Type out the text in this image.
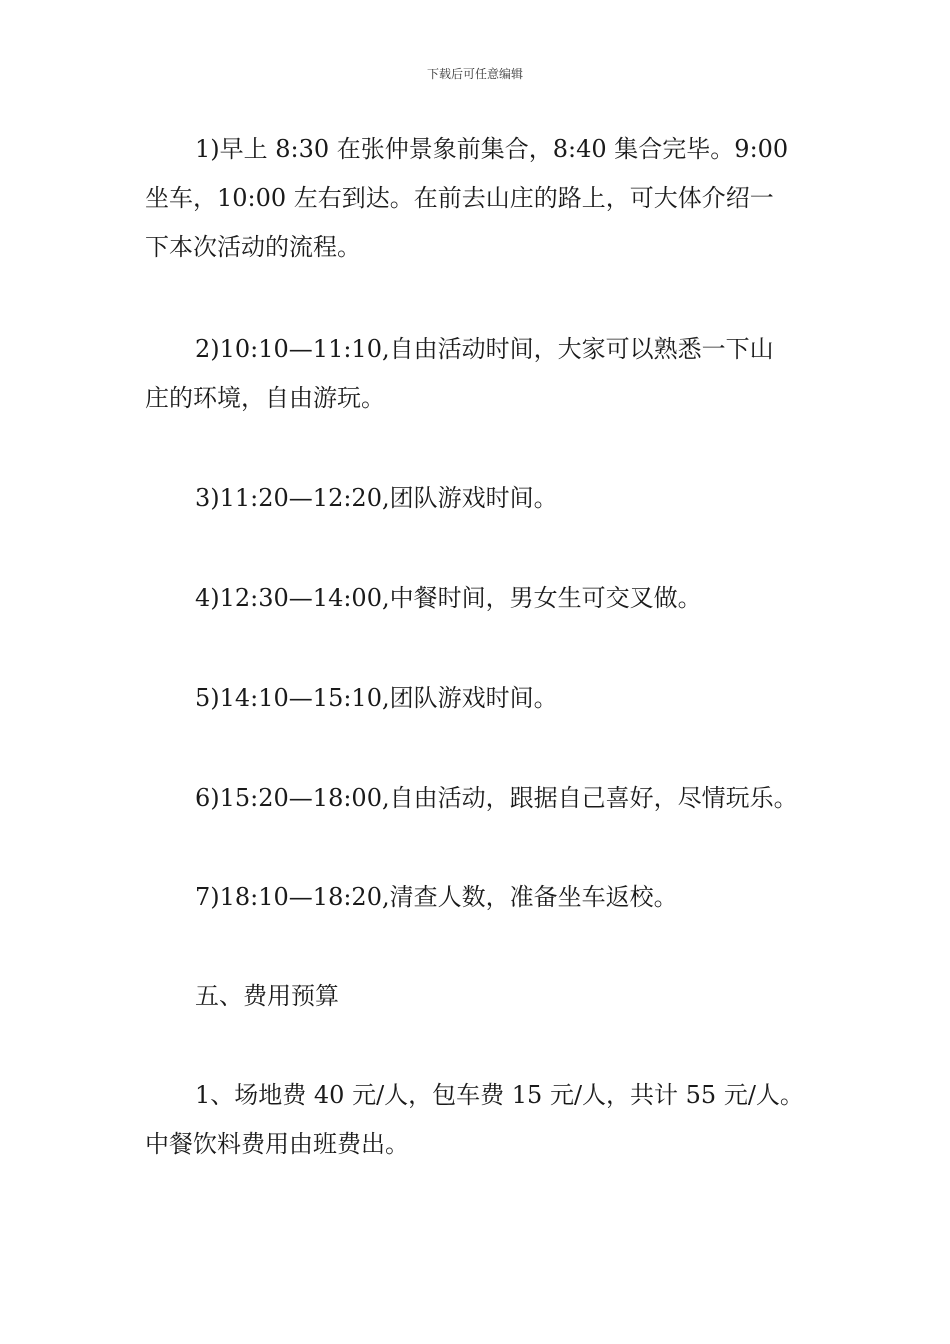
下载后可任意编辑
1)早上 8:30 在张仲景象前集合，8:40 集合完毕。9:00
坐车，10:00 左右到达。在前去山庄的路上，可大体介绍一
下本次活动的流程。
2)10:10—11:10,自由活动时间，大家可以熟悉一下山
庄的环境，自由游玩。
3)11:20—12:20,团队游戏时间。
4)12:30—14:00,中餐时间，男女生可交叉做。
5)14:10—15:10,团队游戏时间。
6)15:20—18:00,自由活动，跟据自己喜好，尽情玩乐。
7)18:10—18:20,清查人数，准备坐车返校。
五、费用预算
1、场地费 40 元/人，包车费 15 元/人，共计 55 元/人。
中餐饮料费用由班费出。
